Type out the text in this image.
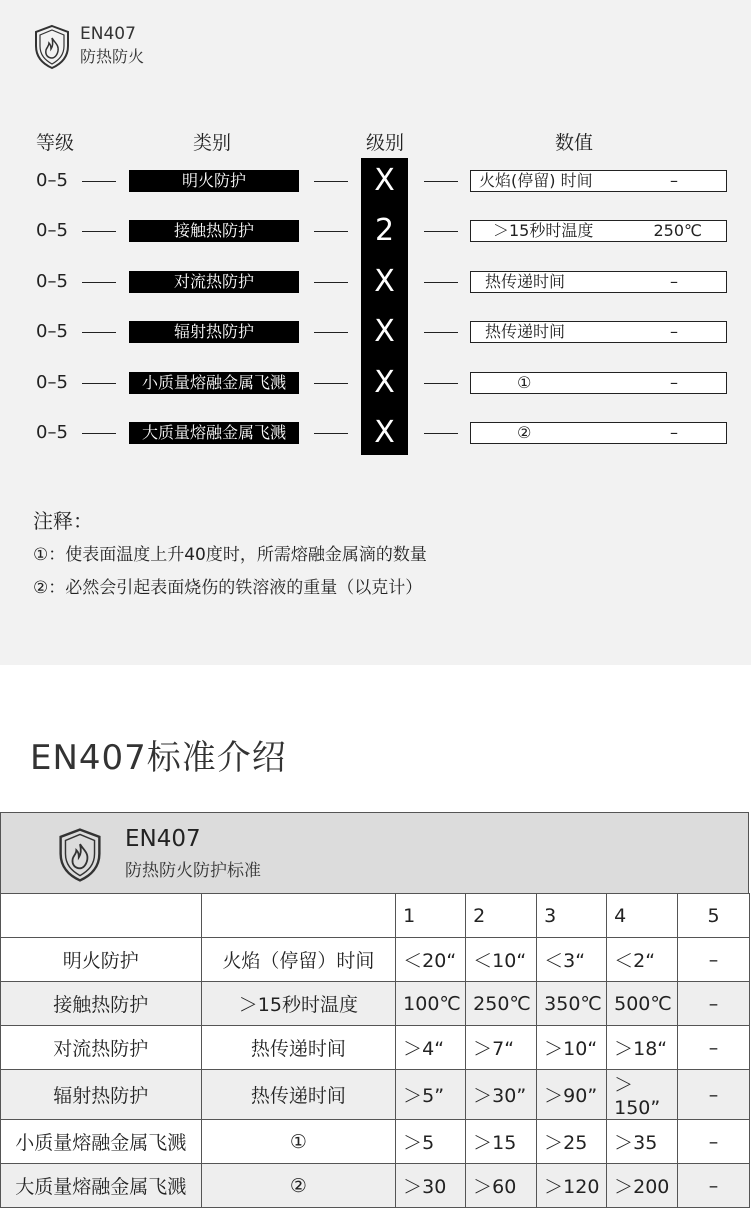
EN407
防热防火
等级	类别	级别	数值
0–5	明火防护	X	火焰(停留) 时间	–
0–5	接触热防护	2	＞15秒时温度	250℃
0–5	对流热防护	X	热传递时间	–
0–5	辐射热防护	X	热传递时间	–
0–5	小质量熔融金属飞溅	X	①	–
0–5	大质量熔融金属飞溅	X	②	–
注释：
①：使表面温度上升40度时，所需熔融金属滴的数量
②：必然会引起表面烧伤的铁溶液的重量（以克计）
EN407标准介绍
EN407
防热防火防护标准
		1	2	3	4	5
明火防护	火焰（停留）时间	＜20“	＜10“	＜3“	＜2“	–
接触热防护	＞15秒时温度	100℃	250℃	350℃	500℃	–
对流热防护	热传递时间	＞4“	＞7“	＞10“	＞18“	–
辐射热防护	热传递时间	＞5”	＞30”	＞90”	＞150”	–
小质量熔融金属飞溅	①	＞5	＞15	＞25	＞35	–
大质量熔融金属飞溅	②	＞30	＞60	＞120	＞200	–
